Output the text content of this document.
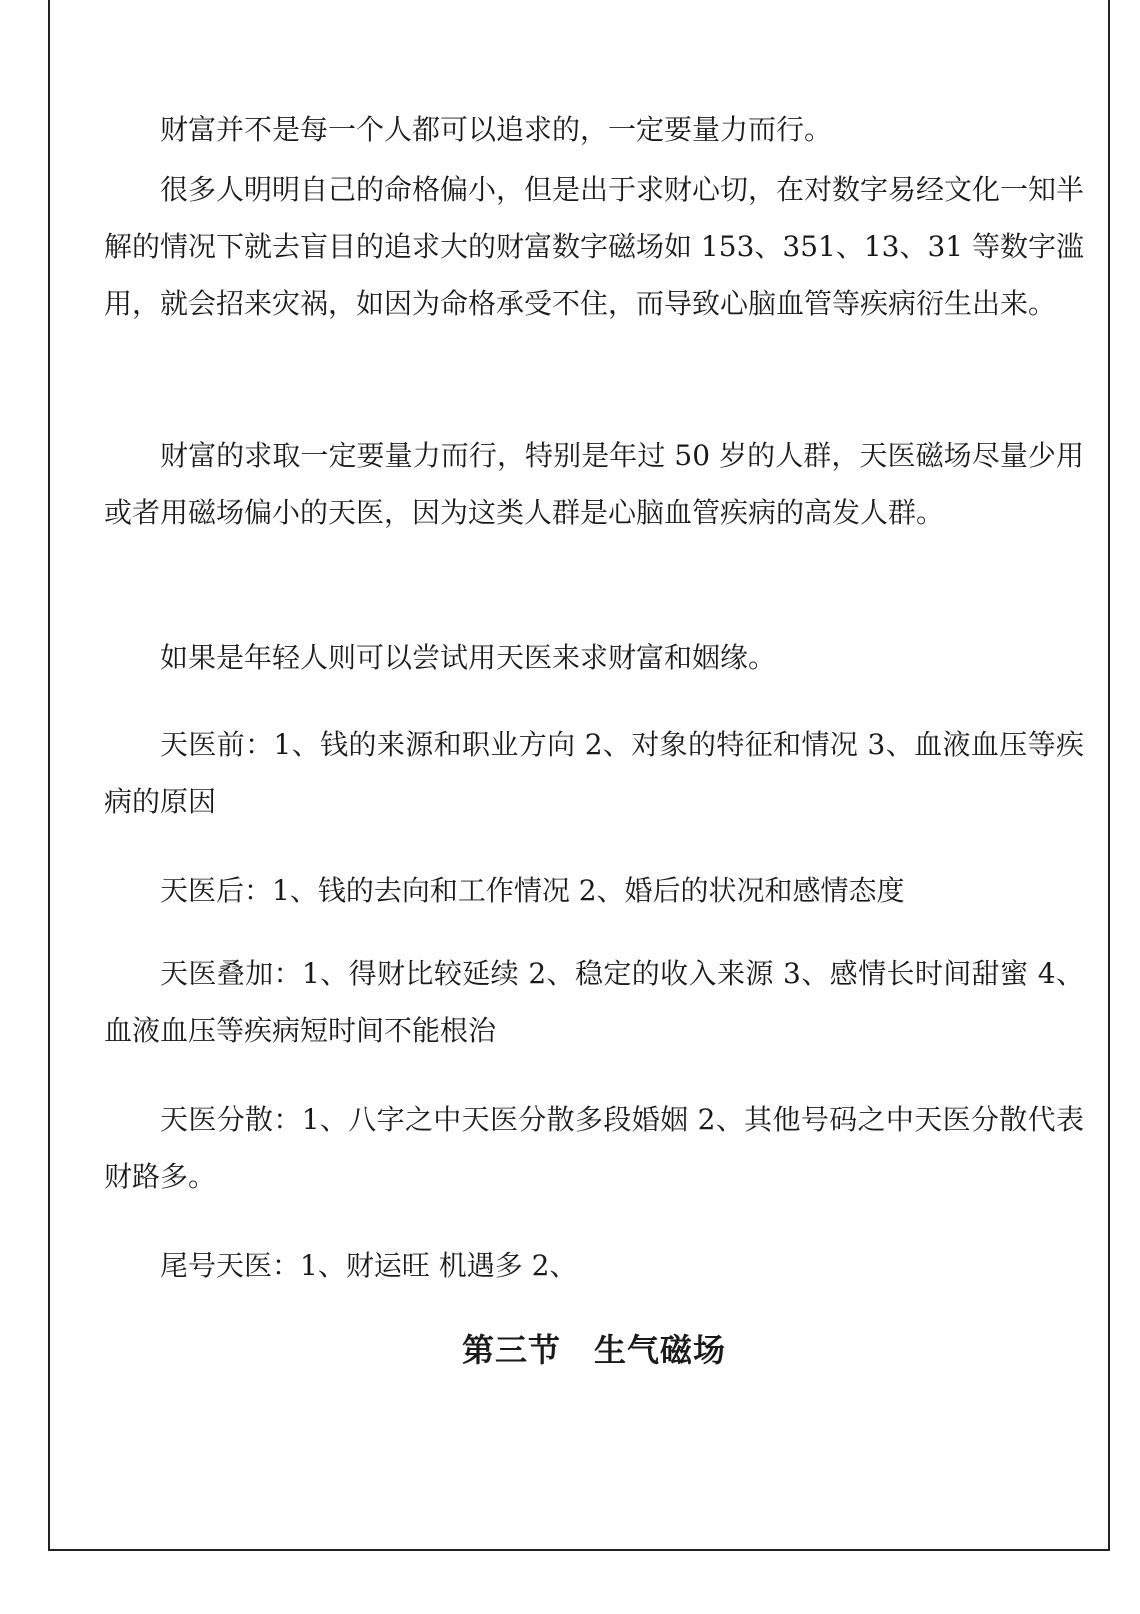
财富并不是每一个人都可以追求的，一定要量力而行。

很多人明明自己的命格偏小，但是出于求财心切，在对数字易经文化一知半解的情况下就去盲目的追求大的财富数字磁场如 153、351、13、31 等数字滥用，就会招来灾祸，如因为命格承受不住，而导致心脑血管等疾病衍生出来。

财富的求取一定要量力而行，特别是年过 50 岁的人群，天医磁场尽量少用或者用磁场偏小的天医，因为这类人群是心脑血管疾病的高发人群。

如果是年轻人则可以尝试用天医来求财富和姻缘。

天医前：1、钱的来源和职业方向 2、对象的特征和情况 3、血液血压等疾病的原因

天医后：1、钱的去向和工作情况 2、婚后的状况和感情态度

天医叠加：1、得财比较延续 2、稳定的收入来源 3、感情长时间甜蜜 4、血液血压等疾病短时间不能根治

天医分散：1、八字之中天医分散多段婚姻 2、其他号码之中天医分散代表财路多。

尾号天医：1、财运旺 机遇多 2、

第三节　生气磁场
